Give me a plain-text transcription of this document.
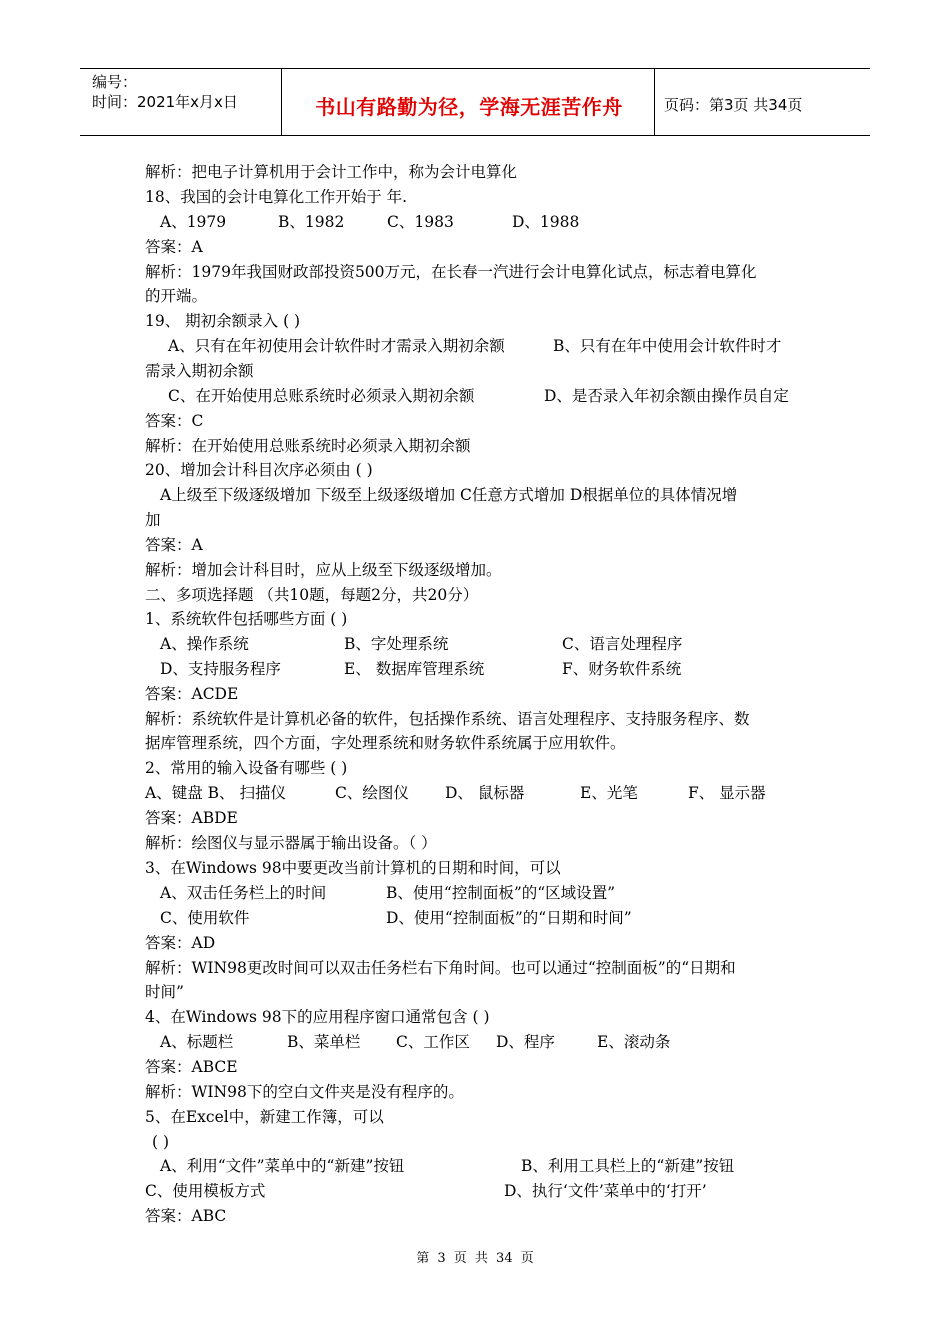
编号：
时间：2021年x月x日	书山有路勤为径，学海无涯苦作舟	页码：第3页 共34页
解析：把电子计算机用于会计工作中，称为会计电算化
18、我国的会计电算化工作开始于 年.
A、1979	B、1982	C、1983	D、1988
答案：A
解析：1979年我国财政部投资500万元，在长春一汽进行会计电算化试点，标志着电算化
的开端。
19、 期初余额录入 ( )
A、只有在年初使用会计软件时才需录入期初余额	B、只有在年中使用会计软件时才
需录入期初余额
C、在开始使用总账系统时必须录入期初余额	D、是否录入年初余额由操作员自定
答案：C
解析：在开始使用总账系统时必须录入期初余额
20、增加会计科目次序必须由 ( )
A上级至下级逐级增加 下级至上级逐级增加 C任意方式增加 D根据单位的具体情况增
加
答案：A
解析：增加会计科目时，应从上级至下级逐级增加。
二、多项选择题 （共10题，每题2分，共20分）
1、系统软件包括哪些方面 ( )
A、操作系统	B、字处理系统	C、语言处理程序
D、支持服务程序	E、 数据库管理系统	F、财务软件系统
答案：ACDE
解析：系统软件是计算机必备的软件，包括操作系统、语言处理程序、支持服务程序、数
据库管理系统，四个方面，字处理系统和财务软件系统属于应用软件。
2、常用的输入设备有哪些 ( )
A、键盘 B、 扫描仪	C、绘图仪 D、 鼠标器	E、光笔	F、 显示器
答案：ABDE
解析：绘图仪与显示器属于输出设备。（ ）
3、在Windows 98中要更改当前计算机的日期和时间，可以
A、双击任务栏上的时间	B、使用“控制面板”的“区域设置”
C、使用软件	D、使用“控制面板”的“日期和时间”
答案：AD
解析：WIN98更改时间可以双击任务栏右下角时间。也可以通过“控制面板”的“日期和
时间”
4、在Windows 98下的应用程序窗口通常包含 ( )
A、标题栏	B、菜单栏 C、工作区 D、程序	E、滚动条
答案：ABCE
解析：WIN98下的空白文件夹是没有程序的。
5、在Excel中，新建工作簿，可以
( )
A、利用“文件”菜单中的“新建”按钮	B、利用工具栏上的“新建”按钮
C、使用模板方式	D、执行‘文件’菜单中的‘打开’
答案：ABC
第 3 页 共 34 页
